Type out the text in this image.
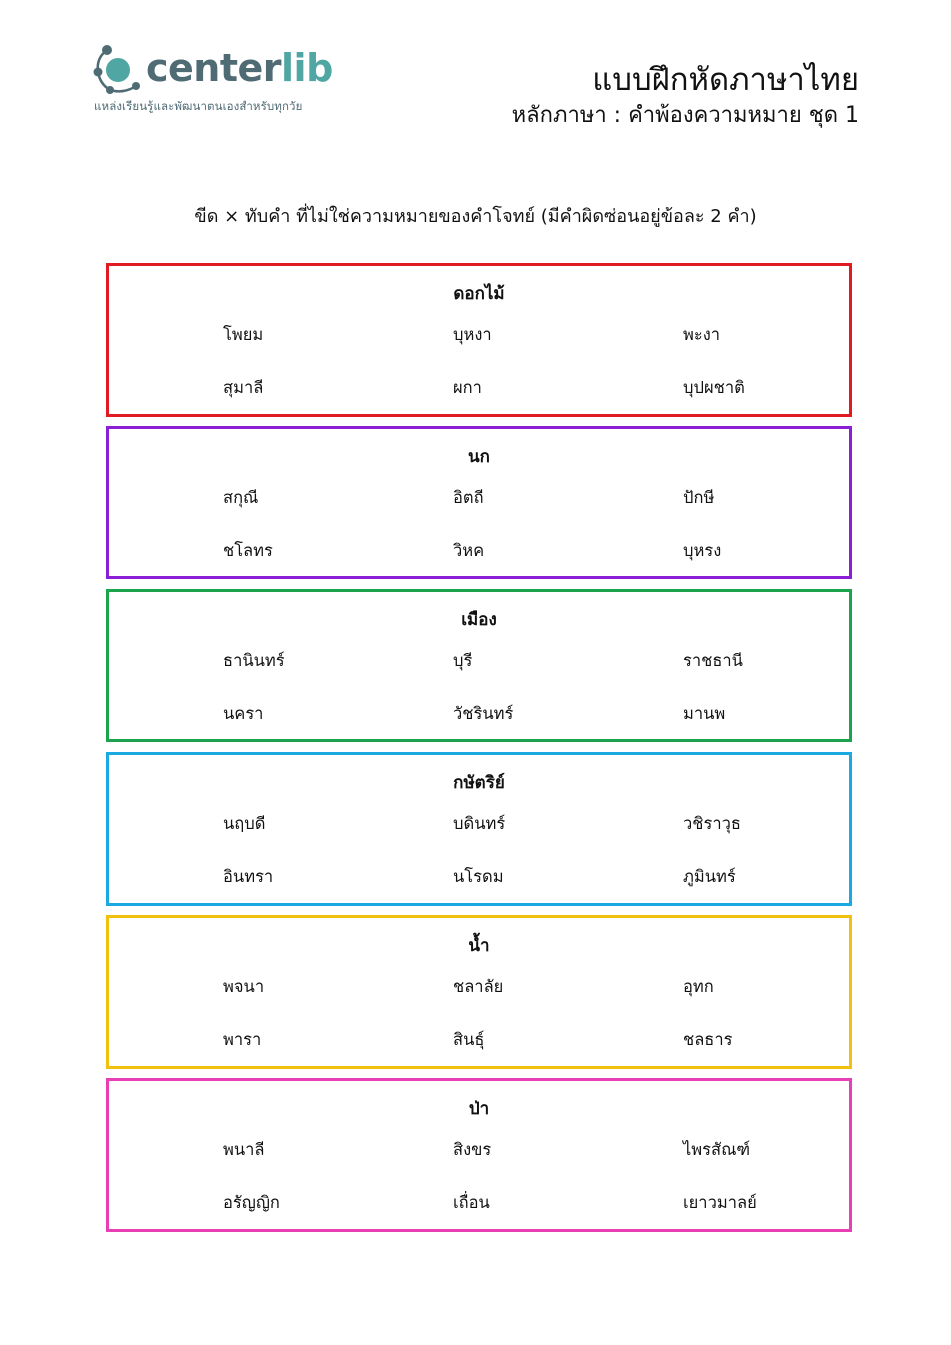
centerlib
แหล่งเรียนรู้และพัฒนาตนเองสำหรับทุกวัย
แบบฝึกหัดภาษาไทย
หลักภาษา : คำพ้องความหมาย ชุด 1
ขีด × ทับคำ ที่ไม่ใช่ความหมายของคำโจทย์ (มีคำผิดซ่อนอยู่ข้อละ 2 คำ)
ดอกไม้
โพยม	บุหงา	พะงา
สุมาลี	ผกา	บุปผชาติ
นก
สกุณี	อิตถี	ปักษี
ชโลทร	วิหค	บุหรง
เมือง
ธานินทร์	บุรี	ราชธานี
นครา	วัชรินทร์	มานพ
กษัตริย์
นฤบดี	บดินทร์	วชิราวุธ
อินทรา	นโรดม	ภูมินทร์
น้ำ
พจนา	ชลาลัย	อุทก
พารา	สินธุ์	ชลธาร
ป่า
พนาลี	สิงขร	ไพรสัณฑ์
อรัญญิก	เถื่อน	เยาวมาลย์
